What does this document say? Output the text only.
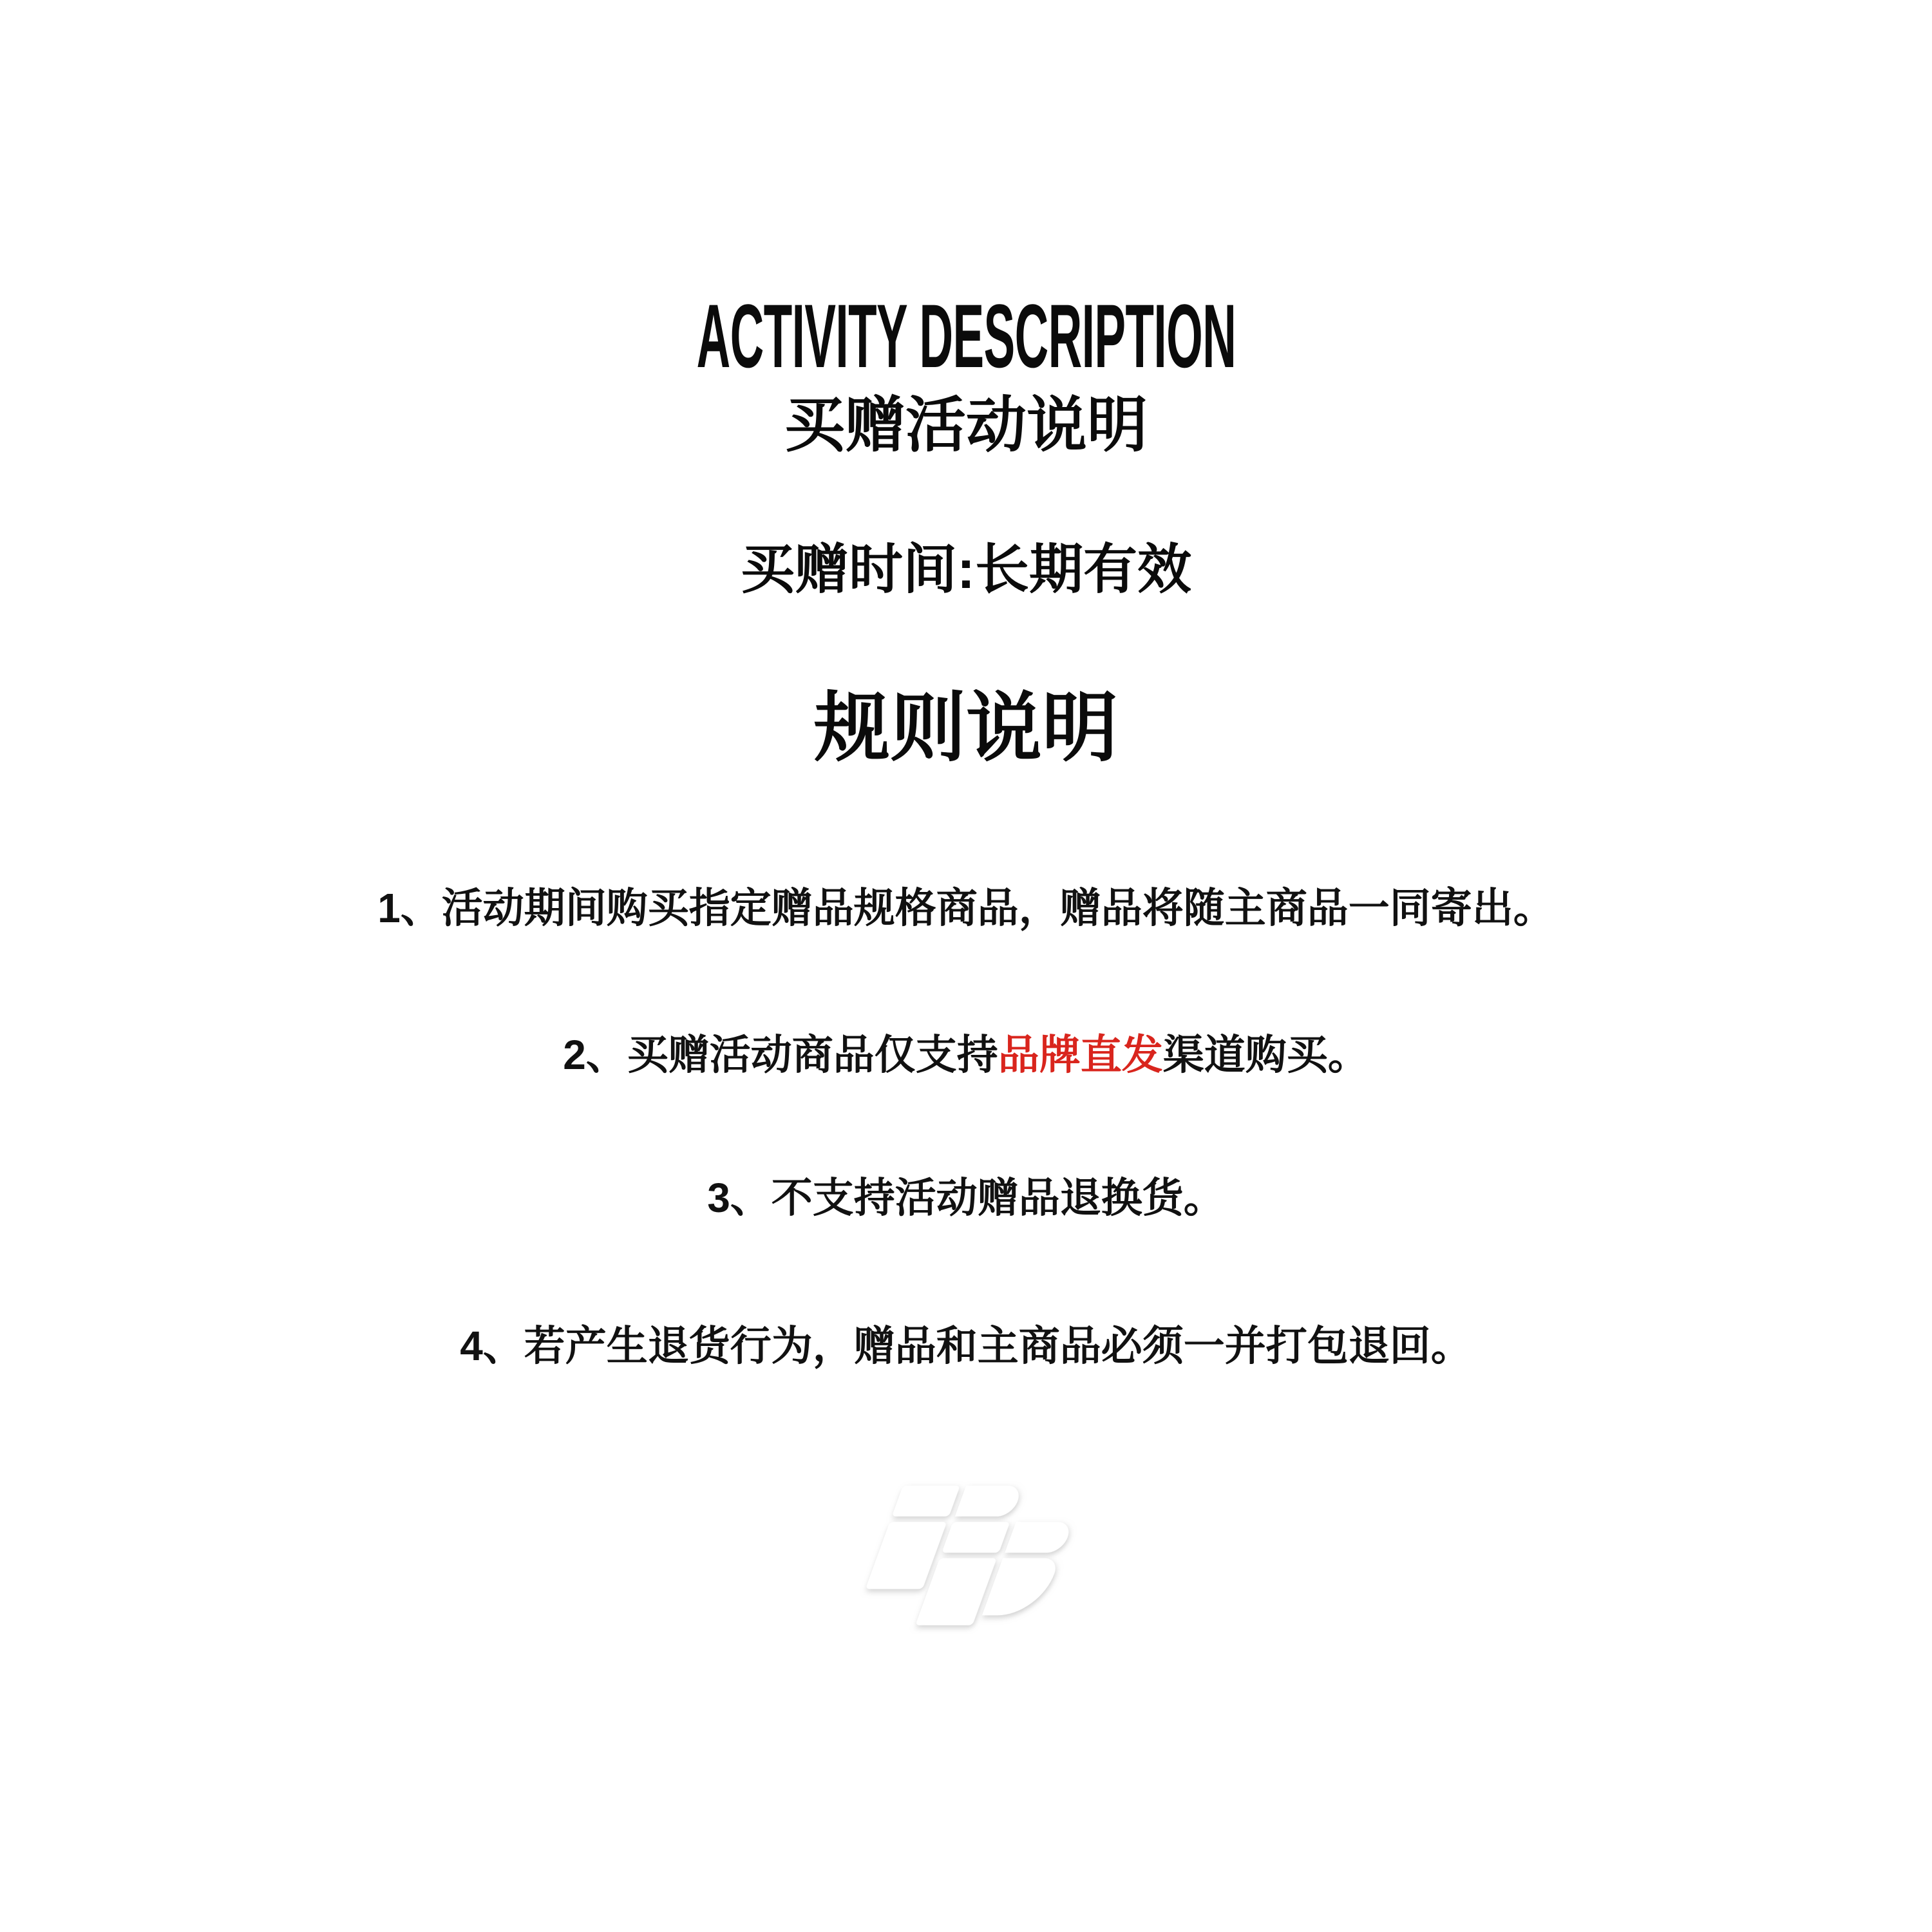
ACTIVITY DESCRIPTION
买赠活动说明
买赠时间:长期有效
规则说明
1、活动期间购买指定赠品规格商品，赠品将随主商品一同寄出。
2、买赠活动商品仅支持品牌直发渠道购买。
3、不支持活动赠品退换货。
4、若产生退货行为，赠品和主商品必须一并打包退回。
